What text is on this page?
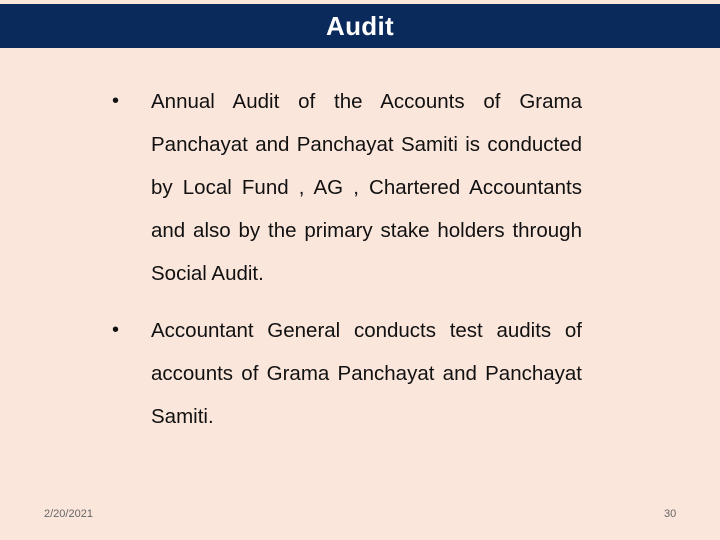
Audit
• Annual Audit of the Accounts of Grama Panchayat and Panchayat Samiti is conducted by Local Fund , AG , Chartered Accountants and also by the primary stake holders through Social Audit.

• Accountant General conducts test audits of accounts of Grama Panchayat and Panchayat Samiti.

2/20/2021	30
